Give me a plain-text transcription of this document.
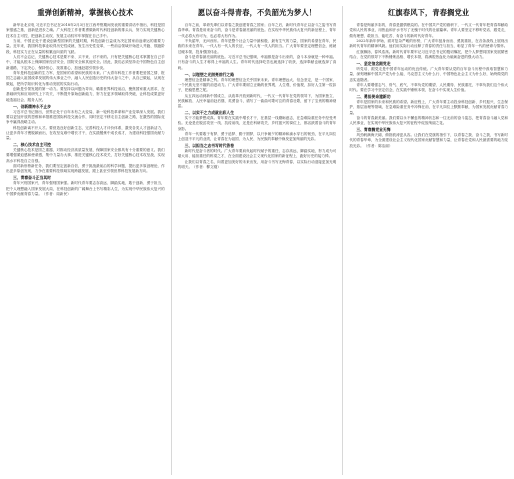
重弹创新精神，掌握核心技术

新华社北京电 习近平总书记在2018年2月3日在江西考察期间发表的重要讲话中指出，科技是国家强盛之基，创新是进步之魂。广大科技工作者要勇做新时代科技创新的排头兵，努力实现关键核心技术自主可控，把创新主动权、发展主动权牢牢掌握在自己手中。

当前，中国正处于建设创新型国家的关键时期，科技创新日益成为决定国家前途命运的重要力量。近年来，我国科技事业取得历史性成就、发生历史性变革，一些前沿领域开始进入并跑、领跑阶段，科技实力正在从量的积累迈向质的飞跃。

人们不会忘记，关键核心技术是要不来、买不来、讨不来的。只有把关键核心技术掌握在自己手中，才能从根本上保障国家经济安全、国防安全和其他安全。因此，我们必须坚持走中国特色自主创新道路，下定决心、保持恒心、找准重心，加速赶超引领步伐。

青年是科技创新的生力军，是国家的希望和民族的未来。广大青年科技工作者要把爱国之情、报国之志融入祖国改革发展的伟大事业之中，融入人民创造历史的伟大奋斗之中，从自己做起，从现在做起，把所学知识转化为推动发展的实际行动。

创新是引领发展的第一动力。要坚持以问题为导向，瞄准世界科技前沿，聚焦国家重大需求，在基础研究和应用研究上下功夫，不断提升原始创新能力，努力在更多领域取得突破，让科技成果更好地造福社会、服务人民。

一、创新精神永不止步

习近平总书记指出，世界正处于百年未有之大变局，新一轮科技革命和产业变革深入发展。我们要以更加开放的思维和举措推进国际科技交流合作，同时坚定不移走自主创新之路，在激烈的国际竞争中赢得战略主动。

科技创新离不开人才。要营造良好创新生态，完善科技人才评价体系，激发各类人才创新活力，让更多青年才俊脱颖而出，在攻坚克难中增长才干，在实践锻炼中成长成才，为建设科技强国贡献力量。

二、核心技术自主可控

关键核心技术是国之重器，对推动经济高质量发展、保障国家安全都具有十分重要的意义。我们要增强紧迫感和使命感，集中力量办大事，推进关键核心技术攻关，打好关键核心技术攻坚战，实现高水平科技自立自强。

面对新形势新任务，我们要坚定创新自信，勇于挑战最前沿的科学问题，提出更多原创理论，作出更多原创发现，力争在重要科技领域实现跨越发展，跟上甚至引领世界科技发展新方向。

三、青春奋斗正当其时

青年兴则国家兴，青年强则国家强。新时代青年要志存高远、脚踏实地，敢于创新、勇于担当，把个人理想融入国家发展大局，在科技创新的广阔舞台上书写精彩人生，为实现中华民族伟大复兴的中国梦贡献青春力量。（作者：周新民）

愿以奋斗得青春，不负韶光为梦人！

百年之前，革命先辈们以青春之我创建青春之国家；百年之后，新时代青年正以奋斗之姿书写青春华章。青春是用来奋斗的，奋斗是青春最亮丽的底色。在实现中华民族伟大复兴的新征程上，青年一代必将大有可为，也必将大有作为。

不负韶华，无问西东。青年是整个社会力量中最积极、最有生气的力量，国家的希望在青年，民族的未来在青年。一代人有一代人的长征，一代人有一代人的担当。广大青年要坚定理想信念，练就过硬本领，投身强国伟业。

奋斗是青春最亮丽的底色。习近平总书记强调，幸福都是奋斗出来的，奋斗本身就是一种幸福。只有奋斗的人生才称得上幸福的人生。青年时代选择吃苦也就选择了收获，选择奉献也就选择了高尚。

一、以理想之光照亮前行之路

理想信念是精神之钙。青年的理想信念关乎国家未来。青年理想远大、信念坚定，是一个国家、一个民族无坚不摧的前进动力。广大青年要树立正确的世界观、人生观、价值观，扣好人生第一粒扣子，把稳思想之舵。

从五四运动到新中国成立，从改革开放到新时代，一代又一代青年在党的领导下，为国家独立、民族解放、人民幸福前赴后继、英勇奋斗，谱写了一曲曲可歌可泣的青春壮歌，留下了宝贵的精神财富。

二、以实干之力成就出彩人生

实干才能梦想成真。青年要在实践中增长才干，在基层一线磨砺意志，在急难险重任务中经受考验。无论是在脱贫攻坚一线、抗疫前线，还是在科研攻关、乡村振兴的岗位上，都活跃着奋斗的青年身影。

青年一代要敢于有梦、勇于追梦、勤于圆梦，以只争朝夕的精神和滴水穿石的韧劲，在平凡岗位上创造不平凡的业绩，让青春在为祖国、为人民、为民族的奉献中焕发更加绚丽的光彩。

三、以担当之志书写时代答卷

新时代是奋斗者的时代。广大青年要肩负起时代赋予的重任，志存高远，脚踏实地，努力成为可堪大用、能担重任的栋梁之才，在全面建设社会主义现代化国家的新征程上，跑好历史的接力棒。

让我们以青春之名，向着更加美好的未来出发，用奋斗书写无悔青春，以实际行动迎接更加光明的明天。（作者：柳文刚）

红旗春风下，青春搁党业

青春是绚丽多彩的，青春是激情燃烧的。在中国共产党的旗帜下，一代又一代青年把青春奉献给党和人民的事业，用热血和汗水书写了无愧于时代的壮丽篇章。青年人要坚定不移听党话、跟党走，做有理想、敢担当、能吃苦、肯奋斗的新时代好青年。

2022年新年伊始，面对复杂严峻的形势，广大青年挺身而出、勇挑重担，在各条战线上展现出新时代青年的精神风貌。他们用实际行动诠释了青春的责任与担当，彰显了青年一代的使命与情怀。

红旗飘扬，春风浩荡。新时代青年要牢记习近平总书记的殷切嘱托，把个人梦想同国家发展紧密结合，在党的领导下不断锤炼品格、增长本领，将满腔热血化为砥砺奋进的强大动力。

一、坚定信念跟党走

听党话、跟党走是中国青年运动的优良传统。广大青年要从党的百年奋斗历程中汲取智慧和力量，深刻理解中国共产党为什么能、马克思主义为什么行、中国特色社会主义为什么好，始终做党的忠实追随者。

青年人要增强志气、骨气、底气，不辜负党的期望、人民期待、民族重托，不辜负我们这个伟大时代。要在学习中坚定信念，在实践中锤炼本领，在奋斗中实现人生价值。

二、勇担使命建新功

青年是国家的未来和民族的希望。新征程上，广大青年要主动投身科技创新、乡村振兴、生态保护、基层治理等领域，在急难险重任务中冲锋在前，在平凡岗位上默默奉献，为国家发展贡献青春力量。

奋斗的青春最美丽。我们要以永不懈怠的精神状态和一往无前的奋斗姿态，把青春奋斗融入党和人民事业，在实现中华民族伟大复兴的征程中绽放绚丽之花。

三、青春搁党业无悔

风劲帆满海天阔，俯指波涛更从容。让我们在党旗的指引下，以青春之我、奋斗之我，书写新时代的青春华章，为全面建设社会主义现代化国家贡献智慧和力量，让青春在党和人民最需要的地方绽放光彩。（作者：陈洁丽）
